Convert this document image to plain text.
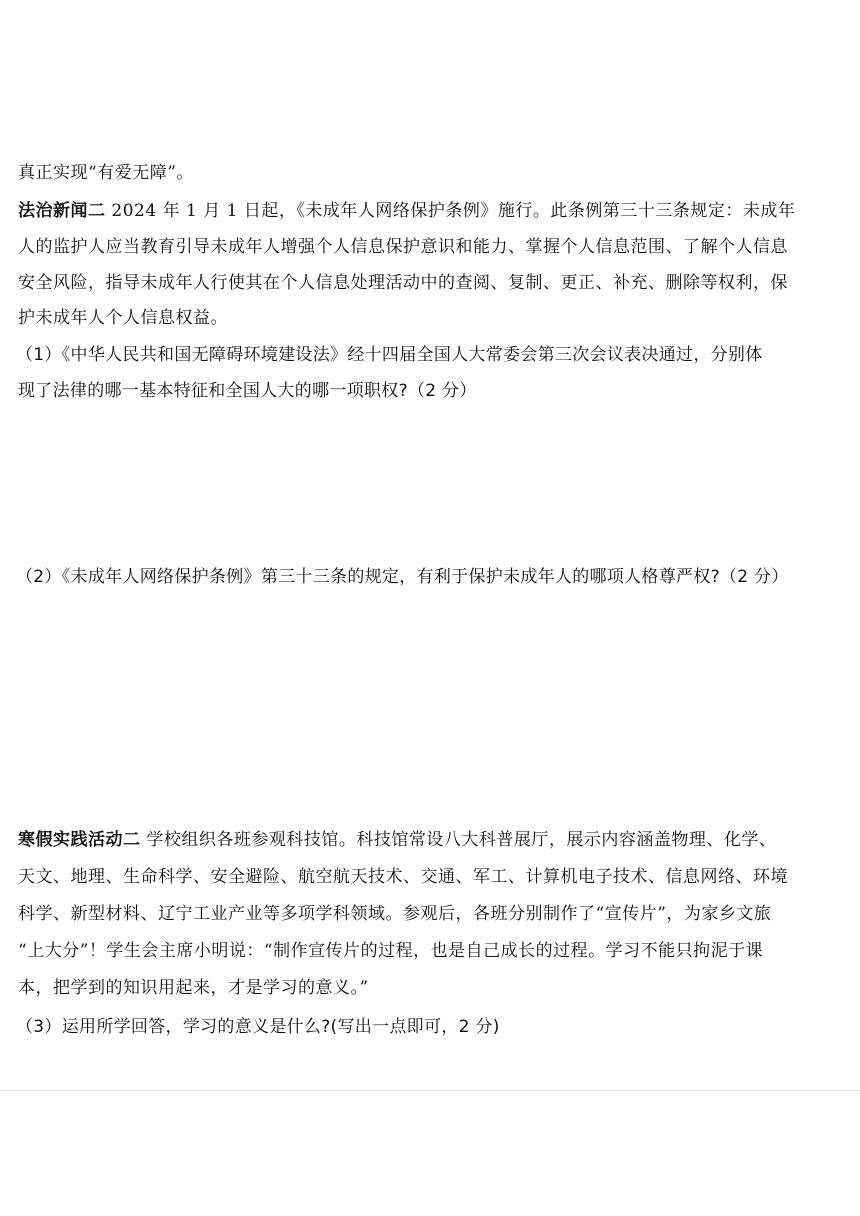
真正实现“有爱无障”。
法治新闻二 2024 年 1 月 1 日起，《未成年人网络保护条例》施行。此条例第三十三条规定：未成年
人的监护人应当教育引导未成年人增强个人信息保护意识和能力、掌握个人信息范围、了解个人信息
安全风险，指导未成年人行使其在个人信息处理活动中的查阅、复制、更正、补充、删除等权利，保
护未成年人个人信息权益。
（1）《中华人民共和国无障碍环境建设法》经十四届全国人大常委会第三次会议表决通过，分别体
现了法律的哪一基本特征和全国人大的哪一项职权?（2 分）
（2）《未成年人网络保护条例》第三十三条的规定，有利于保护未成年人的哪项人格尊严权?（2 分）
寒假实践活动二 学校组织各班参观科技馆。科技馆常设八大科普展厅，展示内容涵盖物理、化学、
天文、地理、生命科学、安全避险、航空航天技术、交通、军工、计算机电子技术、信息网络、环境
科学、新型材料、辽宁工业产业等多项学科领域。参观后，各班分别制作了“宣传片”，为家乡文旅
“上大分”！学生会主席小明说：“制作宣传片的过程，也是自己成长的过程。学习不能只拘泥于课
本，把学到的知识用起来，才是学习的意义。”
（3）运用所学回答，学习的意义是什么?(写出一点即可，2 分)
